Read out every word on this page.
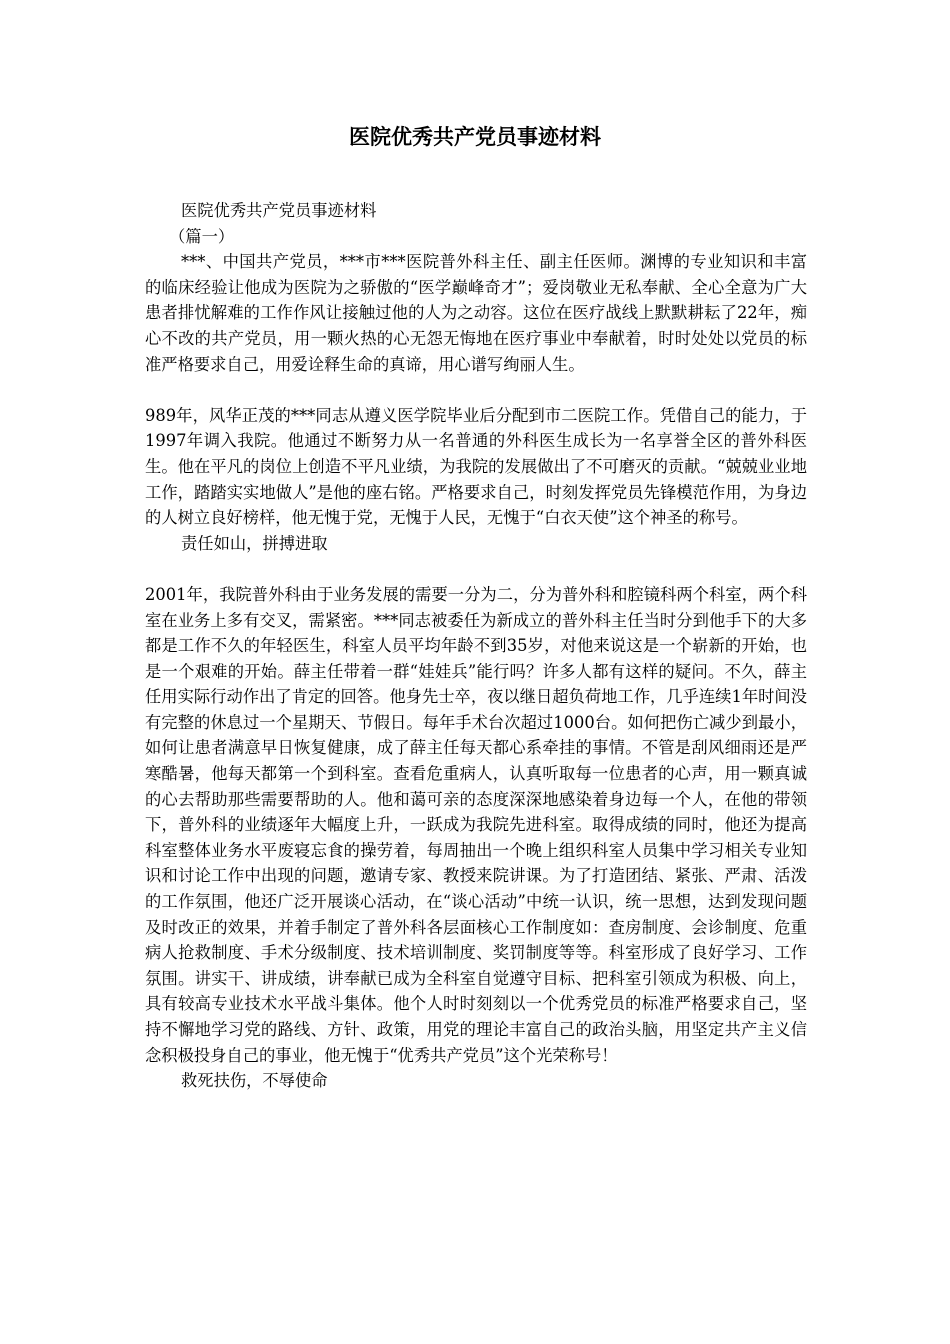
医院优秀共产党员事迹材料

医院优秀共产党员事迹材料

（篇一）

***、中国共产党员，***市***医院普外科主任、副主任医师。渊博的专业知识和丰富的临床经验让他成为医院为之骄傲的“医学巅峰奇才”；爱岗敬业无私奉献、全心全意为广大患者排忧解难的工作作风让接触过他的人为之动容。这位在医疗战线上默默耕耘了22年，痴心不改的共产党员，用一颗火热的心无怨无悔地在医疗事业中奉献着，时时处处以党员的标准严格要求自己，用爱诠释生命的真谛，用心谱写绚丽人生。

989年，风华正茂的***同志从遵义医学院毕业后分配到市二医院工作。凭借自己的能力，于1997年调入我院。他通过不断努力从一名普通的外科医生成长为一名享誉全区的普外科医生。他在平凡的岗位上创造不平凡业绩，为我院的发展做出了不可磨灭的贡献。“兢兢业业地工作，踏踏实实地做人”是他的座右铭。严格要求自己，时刻发挥党员先锋模范作用，为身边的人树立良好榜样，他无愧于党，无愧于人民，无愧于“白衣天使”这个神圣的称号。

责任如山，拼搏进取

2001年，我院普外科由于业务发展的需要一分为二，分为普外科和腔镜科两个科室，两个科室在业务上多有交叉，需紧密。***同志被委任为新成立的普外科主任当时分到他手下的大多都是工作不久的年轻医生，科室人员平均年龄不到35岁，对他来说这是一个崭新的开始，也是一个艰难的开始。薛主任带着一群“娃娃兵”能行吗？许多人都有这样的疑问。不久，薛主任用实际行动作出了肯定的回答。他身先士卒，夜以继日超负荷地工作，几乎连续1年时间没有完整的休息过一个星期天、节假日。每年手术台次超过1000台。如何把伤亡减少到最小，如何让患者满意早日恢复健康，成了薛主任每天都心系牵挂的事情。不管是刮风细雨还是严寒酷暑，他每天都第一个到科室。查看危重病人，认真听取每一位患者的心声，用一颗真诚的心去帮助那些需要帮助的人。他和蔼可亲的态度深深地感染着身边每一个人，在他的带领下，普外科的业绩逐年大幅度上升，一跃成为我院先进科室。取得成绩的同时，他还为提高科室整体业务水平废寝忘食的操劳着，每周抽出一个晚上组织科室人员集中学习相关专业知识和讨论工作中出现的问题，邀请专家、教授来院讲课。为了打造团结、紧张、严肃、活泼的工作氛围，他还广泛开展谈心活动，在“谈心活动”中统一认识，统一思想，达到发现问题及时改正的效果，并着手制定了普外科各层面核心工作制度如：查房制度、会诊制度、危重病人抢救制度、手术分级制度、技术培训制度、奖罚制度等等。科室形成了良好学习、工作氛围。讲实干、讲成绩，讲奉献已成为全科室自觉遵守目标、把科室引领成为积极、向上，具有较高专业技术水平战斗集体。他个人时时刻刻以一个优秀党员的标准严格要求自己，坚持不懈地学习党的路线、方针、政策，用党的理论丰富自己的政治头脑，用坚定共产主义信念积极投身自己的事业，他无愧于“优秀共产党员”这个光荣称号！

救死扶伤，不辱使命
